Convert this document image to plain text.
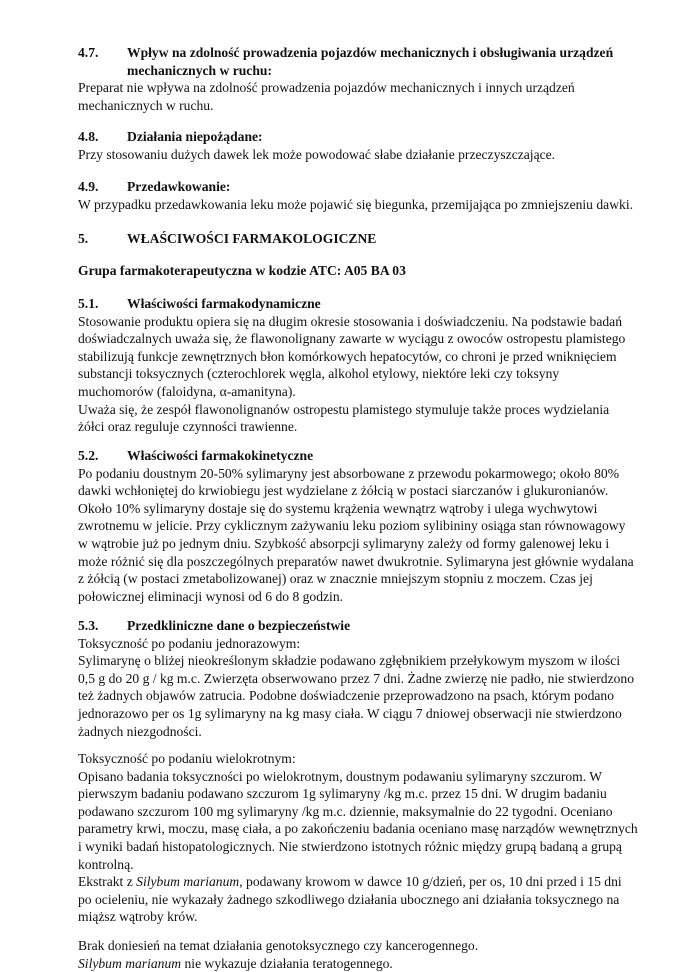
4.7. Wpływ na zdolność prowadzenia pojazdów mechanicznych i obsługiwania urządzeń
mechanicznych w ruchu:

Preparat nie wpływa na zdolność prowadzenia pojazdów mechanicznych i innych urządzeń
mechanicznych w ruchu.

4.8. Działania niepożądane:

Przy stosowaniu dużych dawek lek może powodować słabe działanie przeczyszczające.

4.9. Przedawkowanie:

W przypadku przedawkowania leku może pojawić się biegunka, przemijająca po zmniejszeniu dawki.

5.	WŁAŚCIWOŚCI FARMAKOLOGICZNE
Grupa farmakoterapeutyczna w kodzie ATC: A05 BA 03
5.1. Właściwości farmakodynamiczne

Stosowanie produktu opiera się na długim okresie stosowania i doświadczeniu. Na podstawie badań
doświadczalnych uważa się, że flawonolignany zawarte w wyciągu z owoców ostropestu plamistego
stabilizują funkcje zewnętrznych błon komórkowych hepatocytów, co chroni je przed wniknięciem
substancji toksycznych (czterochlorek węgla, alkohol etylowy, niektóre leki czy toksyny
muchomorów (faloidyna, α-amanityna).
Uważa się, że zespół flawonolignanów ostropestu plamistego stymuluje także proces wydzielania
żółci oraz reguluje czynności trawienne.

5.2. Właściwości farmakokinetyczne

Po podaniu doustnym 20-50% sylimaryny jest absorbowane z przewodu pokarmowego; około 80%
dawki wchłoniętej do krwiobiegu jest wydzielane z żółcią w postaci siarczanów i glukuronianów.
Około 10% sylimaryny dostaje się do systemu krążenia wewnątrz wątroby i ulega wychwytowi
zwrotnemu w jelicie. Przy cyklicznym zażywaniu leku poziom sylibininy osiąga stan równowagowy
w wątrobie już po jednym dniu. Szybkość absorpcji sylimaryny zależy od formy galenowej leku i
może różnić się dla poszczególnych preparatów nawet dwukrotnie. Sylimaryna jest głównie wydalana
z żółcią (w postaci zmetabolizowanej) oraz w znacznie mniejszym stopniu z moczem. Czas jej
połowicznej eliminacji wynosi od 6 do 8 godzin.

5.3. Przedkliniczne dane o bezpieczeństwie

Toksyczność po podaniu jednorazowym:
Sylimarynę o bliżej nieokreślonym składzie podawano zgłębnikiem przełykowym myszom w ilości
0,5 g do 20 g / kg m.c. Zwierzęta obserwowano przez 7 dni. Żadne zwierzę nie padło, nie stwierdzono
też żadnych objawów zatrucia. Podobne doświadczenie przeprowadzono na psach, którym podano
jednorazowo per os 1g sylimaryny na kg masy ciała. W ciągu 7 dniowej obserwacji nie stwierdzono
żadnych niezgodności.

Toksyczność po podaniu wielokrotnym:
Opisano badania toksyczności po wielokrotnym, doustnym podawaniu sylimaryny szczurom. W
pierwszym badaniu podawano szczurom 1g sylimaryny /kg m.c. przez 15 dni. W drugim badaniu
podawano szczurom 100 mg sylimaryny /kg m.c. dziennie, maksymalnie do 22 tygodni. Oceniano
parametry krwi, moczu, masę ciała, a po zakończeniu badania oceniano masę narządów wewnętrznych
i wyniki badań histopatologicznych. Nie stwierdzono istotnych różnic między grupą badaną a grupą
kontrolną.
Ekstrakt z Silybum marianum, podawany krowom w dawce 10 g/dzień, per os, 10 dni przed i 15 dni
po ocieleniu, nie wykazały żadnego szkodliwego działania ubocznego ani działania toksycznego na
miąższ wątroby krów.

Brak doniesień na temat działania genotoksycznego czy kancerogennego.
Silybum marianum nie wykazuje działania teratogennego.
